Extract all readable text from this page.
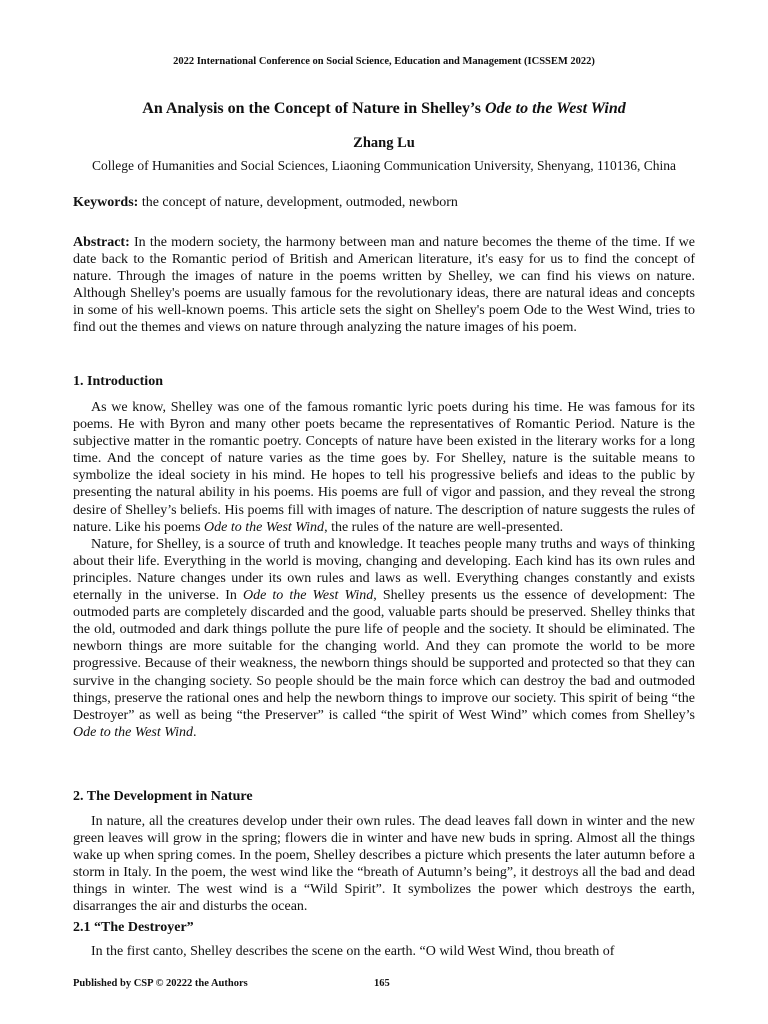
2022 International Conference on Social Science, Education and Management (ICSSEM 2022)
An Analysis on the Concept of Nature in Shelley’s Ode to the West Wind
Zhang Lu
College of Humanities and Social Sciences, Liaoning Communication University, Shenyang, 110136, China
Keywords: the concept of nature, development, outmoded, newborn
Abstract: In the modern society, the harmony between man and nature becomes the theme of the time. If we date back to the Romantic period of British and American literature, it's easy for us to find the concept of nature. Through the images of nature in the poems written by Shelley, we can find his views on nature. Although Shelley's poems are usually famous for the revolutionary ideas, there are natural ideas and concepts in some of his well-known poems. This article sets the sight on Shelley's poem Ode to the West Wind, tries to find out the themes and views on nature through analyzing the nature images of his poem.
1. Introduction

As we know, Shelley was one of the famous romantic lyric poets during his time. He was famous for its poems. He with Byron and many other poets became the representatives of Romantic Period. Nature is the subjective matter in the romantic poetry. Concepts of nature have been existed in the literary works for a long time. And the concept of nature varies as the time goes by. For Shelley, nature is the suitable means to symbolize the ideal society in his mind. He hopes to tell his progressive beliefs and ideas to the public by presenting the natural ability in his poems. His poems are full of vigor and passion, and they reveal the strong desire of Shelley’s beliefs. His poems fill with images of nature. The description of nature suggests the rules of nature. Like his poems Ode to the West Wind, the rules of the nature are well-presented.

Nature, for Shelley, is a source of truth and knowledge. It teaches people many truths and ways of thinking about their life. Everything in the world is moving, changing and developing. Each kind has its own rules and principles. Nature changes under its own rules and laws as well. Everything changes constantly and exists eternally in the universe. In Ode to the West Wind, Shelley presents us the essence of development: The outmoded parts are completely discarded and the good, valuable parts should be preserved. Shelley thinks that the old, outmoded and dark things pollute the pure life of people and the society. It should be eliminated. The newborn things are more suitable for the changing world. And they can promote the world to be more progressive. Because of their weakness, the newborn things should be supported and protected so that they can survive in the changing society. So people should be the main force which can destroy the bad and outmoded things, preserve the rational ones and help the newborn things to improve our society. This spirit of being “the Destroyer” as well as being “the Preserver” is called “the spirit of West Wind” which comes from Shelley’s Ode to the West Wind.

2. The Development in Nature

In nature, all the creatures develop under their own rules. The dead leaves fall down in winter and the new green leaves will grow in the spring; flowers die in winter and have new buds in spring. Almost all the things wake up when spring comes. In the poem, Shelley describes a picture which presents the later autumn before a storm in Italy. In the poem, the west wind like the “breath of Autumn’s being”, it destroys all the bad and dead things in winter. The west wind is a “Wild Spirit”. It symbolizes the power which destroys the earth, disarranges the air and disturbs the ocean.

2.1 “The Destroyer”

In the first canto, Shelley describes the scene on the earth. “O wild West Wind, thou breath of

Published by CSP © 20222 the Authors	165
